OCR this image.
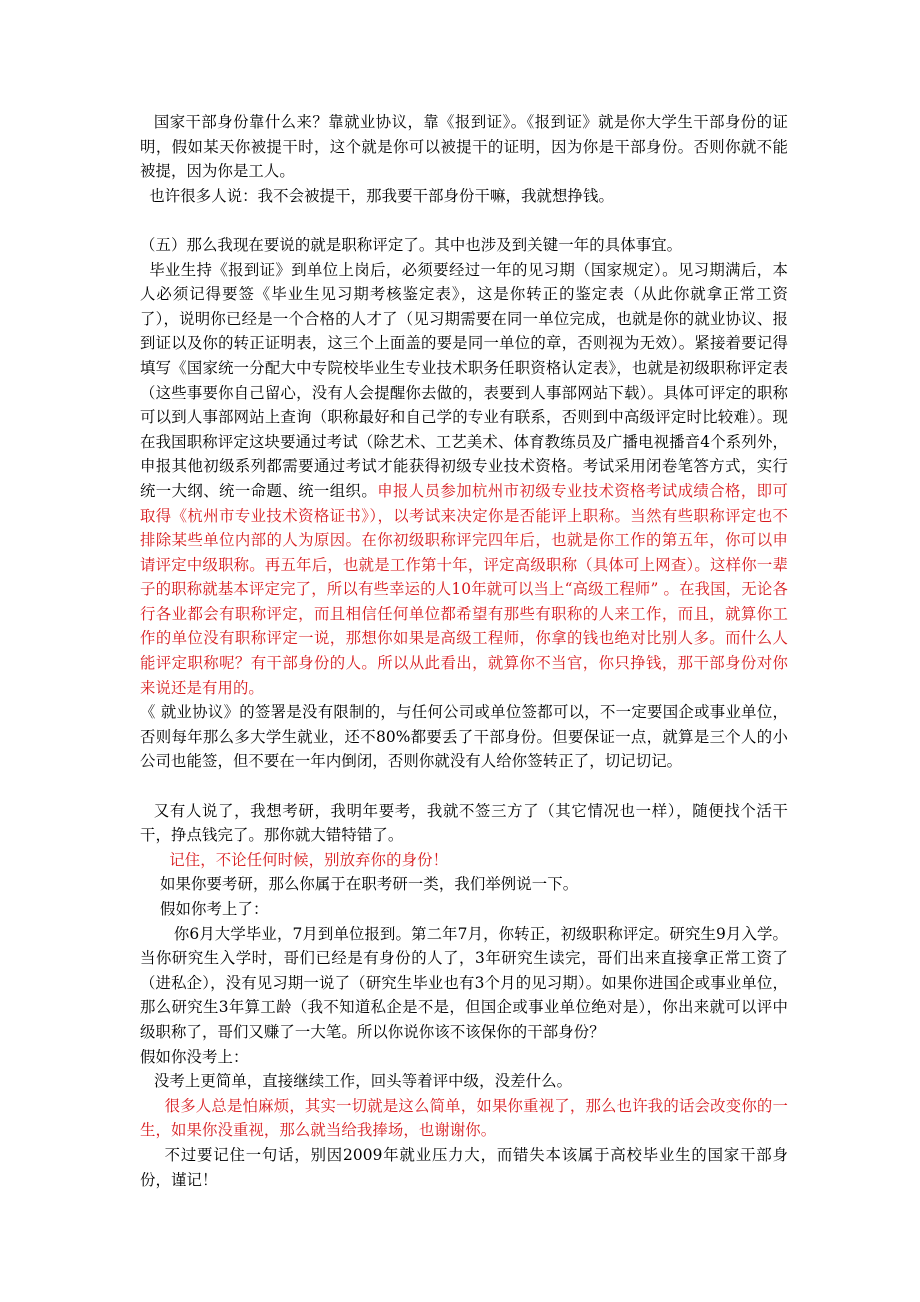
国家干部身份靠什么来？靠就业协议，靠《报到证》。《报到证》就是你大学生干部身份的证明，假如某天你被提干时，这个就是你可以被提干的证明，因为你是干部身份。否则你就不能被提，因为你是工人。

也许很多人说：我不会被提干，那我要干部身份干嘛，我就想挣钱。

（五）那么我现在要说的就是职称评定了。其中也涉及到关键一年的具体事宜。

毕业生持《报到证》到单位上岗后，必须要经过一年的见习期（国家规定）。见习期满后，本人必须记得要签《毕业生见习期考核鉴定表》，这是你转正的鉴定表（从此你就拿正常工资了），说明你已经是一个合格的人才了（见习期需要在同一单位完成，也就是你的就业协议、报到证以及你的转正证明表，这三个上面盖的要是同一单位的章，否则视为无效）。紧接着要记得填写《国家统一分配大中专院校毕业生专业技术职务任职资格认定表》，也就是初级职称评定表（这些事要你自己留心，没有人会提醒你去做的，表要到人事部网站下载）。具体可评定的职称可以到人事部网站上查询（职称最好和自己学的专业有联系，否则到中高级评定时比较难）。现在我国职称评定这块要通过考试（除艺术、工艺美术、体育教练员及广播电视播音4个系列外，申报其他初级系列都需要通过考试才能获得初级专业技术资格。考试采用闭卷笔答方式，实行统一大纲、统一命题、统一组织。申报人员参加杭州市初级专业技术资格考试成绩合格，即可取得《杭州市专业技术资格证书》），以考试来决定你是否能评上职称。当然有些职称评定也不排除某些单位内部的人为原因。在你初级职称评完四年后，也就是你工作的第五年，你可以申请评定中级职称。再五年后，也就是工作第十年，评定高级职称（具体可上网查）。这样你一辈子的职称就基本评定完了，所以有些幸运的人10年就可以当上“高级工程师” 。在我国，无论各行各业都会有职称评定，而且相信任何单位都希望有那些有职称的人来工作，而且，就算你工作的单位没有职称评定一说，那想你如果是高级工程师，你拿的钱也绝对比别人多。而什么人能评定职称呢？有干部身份的人。所以从此看出，就算你不当官，你只挣钱，那干部身份对你来说还是有用的。

《 就业协议》的签署是没有限制的，与任何公司或单位签都可以，不一定要国企或事业单位，否则每年那么多大学生就业，还不80%都要丢了干部身份。但要保证一点，就算是三个人的小公司也能签，但不要在一年内倒闭，否则你就没有人给你签转正了，切记切记。

又有人说了，我想考研，我明年要考，我就不签三方了（其它情况也一样），随便找个活干干，挣点钱完了。那你就大错特错了。

记住，不论任何时候，别放弃你的身份！

如果你要考研，那么你属于在职考研一类，我们举例说一下。

假如你考上了：

你6月大学毕业，7月到单位报到。第二年7月，你转正，初级职称评定。研究生9月入学。当你研究生入学时，哥们已经是有身份的人了，3年研究生读完，哥们出来直接拿正常工资了（进私企），没有见习期一说了（研究生毕业也有3个月的见习期）。如果你进国企或事业单位，那么研究生3年算工龄（我不知道私企是不是，但国企或事业单位绝对是），你出来就可以评中级职称了，哥们又赚了一大笔。所以你说你该不该保你的干部身份？

假如你没考上：

没考上更简单，直接继续工作，回头等着评中级，没差什么。

很多人总是怕麻烦，其实一切就是这么简单，如果你重视了，那么也许我的话会改变你的一生，如果你没重视，那么就当给我捧场，也谢谢你。

不过要记住一句话，别因2009年就业压力大，而错失本该属于高校毕业生的国家干部身份，谨记！
